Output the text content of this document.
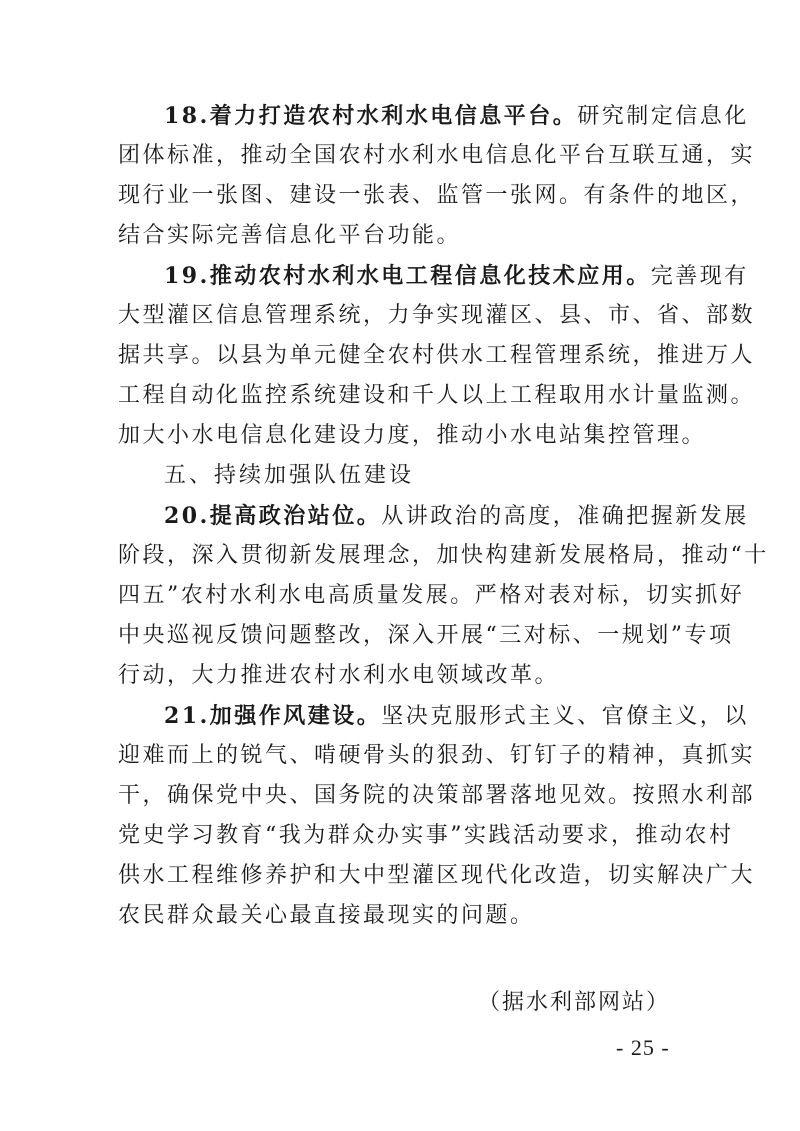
18.着力打造农村水利水电信息平台。研究制定信息化
团体标准，推动全国农村水利水电信息化平台互联互通，实
现行业一张图、建设一张表、监管一张网。有条件的地区，
结合实际完善信息化平台功能。
19.推动农村水利水电工程信息化技术应用。完善现有
大型灌区信息管理系统，力争实现灌区、县、市、省、部数
据共享。以县为单元健全农村供水工程管理系统，推进万人
工程自动化监控系统建设和千人以上工程取用水计量监测。
加大小水电信息化建设力度，推动小水电站集控管理。
五、持续加强队伍建设
20.提高政治站位。从讲政治的高度，准确把握新发展
阶段，深入贯彻新发展理念，加快构建新发展格局，推动“十
四五”农村水利水电高质量发展。严格对表对标，切实抓好
中央巡视反馈问题整改，深入开展“三对标、一规划”专项
行动，大力推进农村水利水电领域改革。
21.加强作风建设。坚决克服形式主义、官僚主义，以
迎难而上的锐气、啃硬骨头的狠劲、钉钉子的精神，真抓实
干，确保党中央、国务院的决策部署落地见效。按照水利部
党史学习教育“我为群众办实事”实践活动要求，推动农村
供水工程维修养护和大中型灌区现代化改造，切实解决广大
农民群众最关心最直接最现实的问题。
（据水利部网站）
- 25 -
